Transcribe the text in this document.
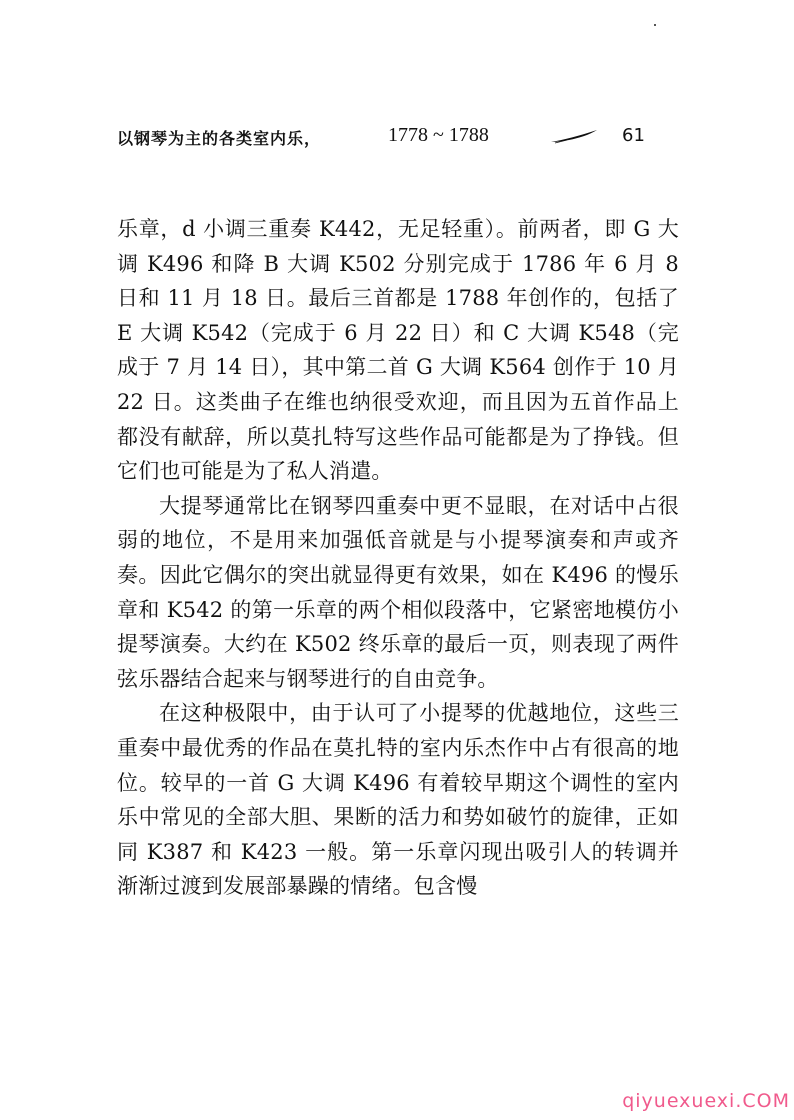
以钢琴为主的各类室内乐，	1778 ~ 1788	61

乐章，d 小调三重奏 K442，无足轻重）。前两者，即 G 大调 K496 和降 B 大调 K502 分别完成于 1786 年 6 月 8 日和 11 月 18 日。最后三首都是 1788 年创作的，包括了 E 大调 K542（完成于 6 月 22 日）和 C 大调 K548（完成于 7 月 14 日），其中第二首 G 大调 K564 创作于 10 月 22 日。这类曲子在维也纳很受欢迎，而且因为五首作品上都没有献辞，所以莫扎特写这些作品可能都是为了挣钱。但它们也可能是为了私人消遣。

大提琴通常比在钢琴四重奏中更不显眼，在对话中占很弱的地位，不是用来加强低音就是与小提琴演奏和声或齐奏。因此它偶尔的突出就显得更有效果，如在 K496 的慢乐章和 K542 的第一乐章的两个相似段落中，它紧密地模仿小提琴演奏。大约在 K502 终乐章的最后一页，则表现了两件弦乐器结合起来与钢琴进行的自由竞争。

在这种极限中，由于认可了小提琴的优越地位，这些三重奏中最优秀的作品在莫扎特的室内乐杰作中占有很高的地位。较早的一首 G 大调 K496 有着较早期这个调性的室内乐中常见的全部大胆、果断的活力和势如破竹的旋律，正如同 K387 和 K423 一般。第一乐章闪现出吸引人的转调并渐渐过渡到发展部暴躁的情绪。包含慢

qiyuexuexi.COM
